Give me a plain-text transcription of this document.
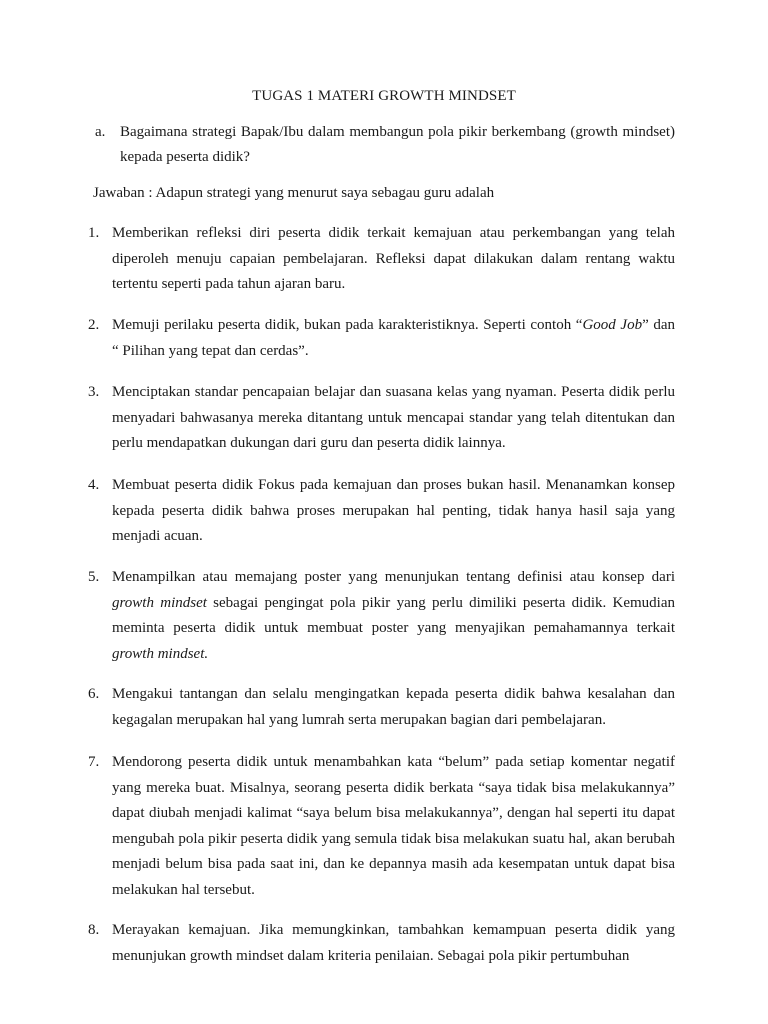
TUGAS 1 MATERI GROWTH MINDSET
a. Bagaimana strategi Bapak/Ibu dalam membangun pola pikir berkembang (growth mindset) kepada peserta didik?
Jawaban : Adapun strategi yang menurut saya sebagau guru adalah
1. Memberikan refleksi diri peserta didik terkait kemajuan atau perkembangan yang telah diperoleh menuju capaian pembelajaran. Refleksi dapat dilakukan dalam rentang waktu tertentu seperti pada tahun ajaran baru.
2. Memuji perilaku peserta didik, bukan pada karakteristiknya. Seperti contoh “Good Job” dan “ Pilihan yang tepat dan cerdas”.
3. Menciptakan standar pencapaian belajar dan suasana kelas yang nyaman. Peserta didik perlu menyadari bahwasanya mereka ditantang untuk mencapai standar yang telah ditentukan dan perlu mendapatkan dukungan dari guru dan peserta didik lainnya.
4. Membuat peserta didik Fokus pada kemajuan dan proses bukan hasil. Menanamkan konsep kepada peserta didik bahwa proses merupakan hal penting, tidak hanya hasil saja yang menjadi acuan.
5. Menampilkan atau memajang poster yang menunjukan tentang definisi atau konsep dari growth mindset sebagai pengingat pola pikir yang perlu dimiliki peserta didik. Kemudian meminta peserta didik untuk membuat poster yang menyajikan pemahamannya terkait growth mindset.
6. Mengakui tantangan dan selalu mengingatkan kepada peserta didik bahwa kesalahan dan kegagalan merupakan hal yang lumrah serta merupakan bagian dari pembelajaran.
7. Mendorong peserta didik untuk menambahkan kata “belum” pada setiap komentar negatif yang mereka buat. Misalnya, seorang peserta didik berkata “saya tidak bisa melakukannya” dapat diubah menjadi kalimat “saya belum bisa melakukannya”, dengan hal seperti itu dapat mengubah pola pikir peserta didik yang semula tidak bisa melakukan suatu hal, akan berubah menjadi belum bisa pada saat ini, dan ke depannya masih ada kesempatan untuk dapat bisa melakukan hal tersebut.
8. Merayakan kemajuan. Jika memungkinkan, tambahkan kemampuan peserta didik yang menunjukan growth mindset dalam kriteria penilaian. Sebagai pola pikir pertumbuhan
